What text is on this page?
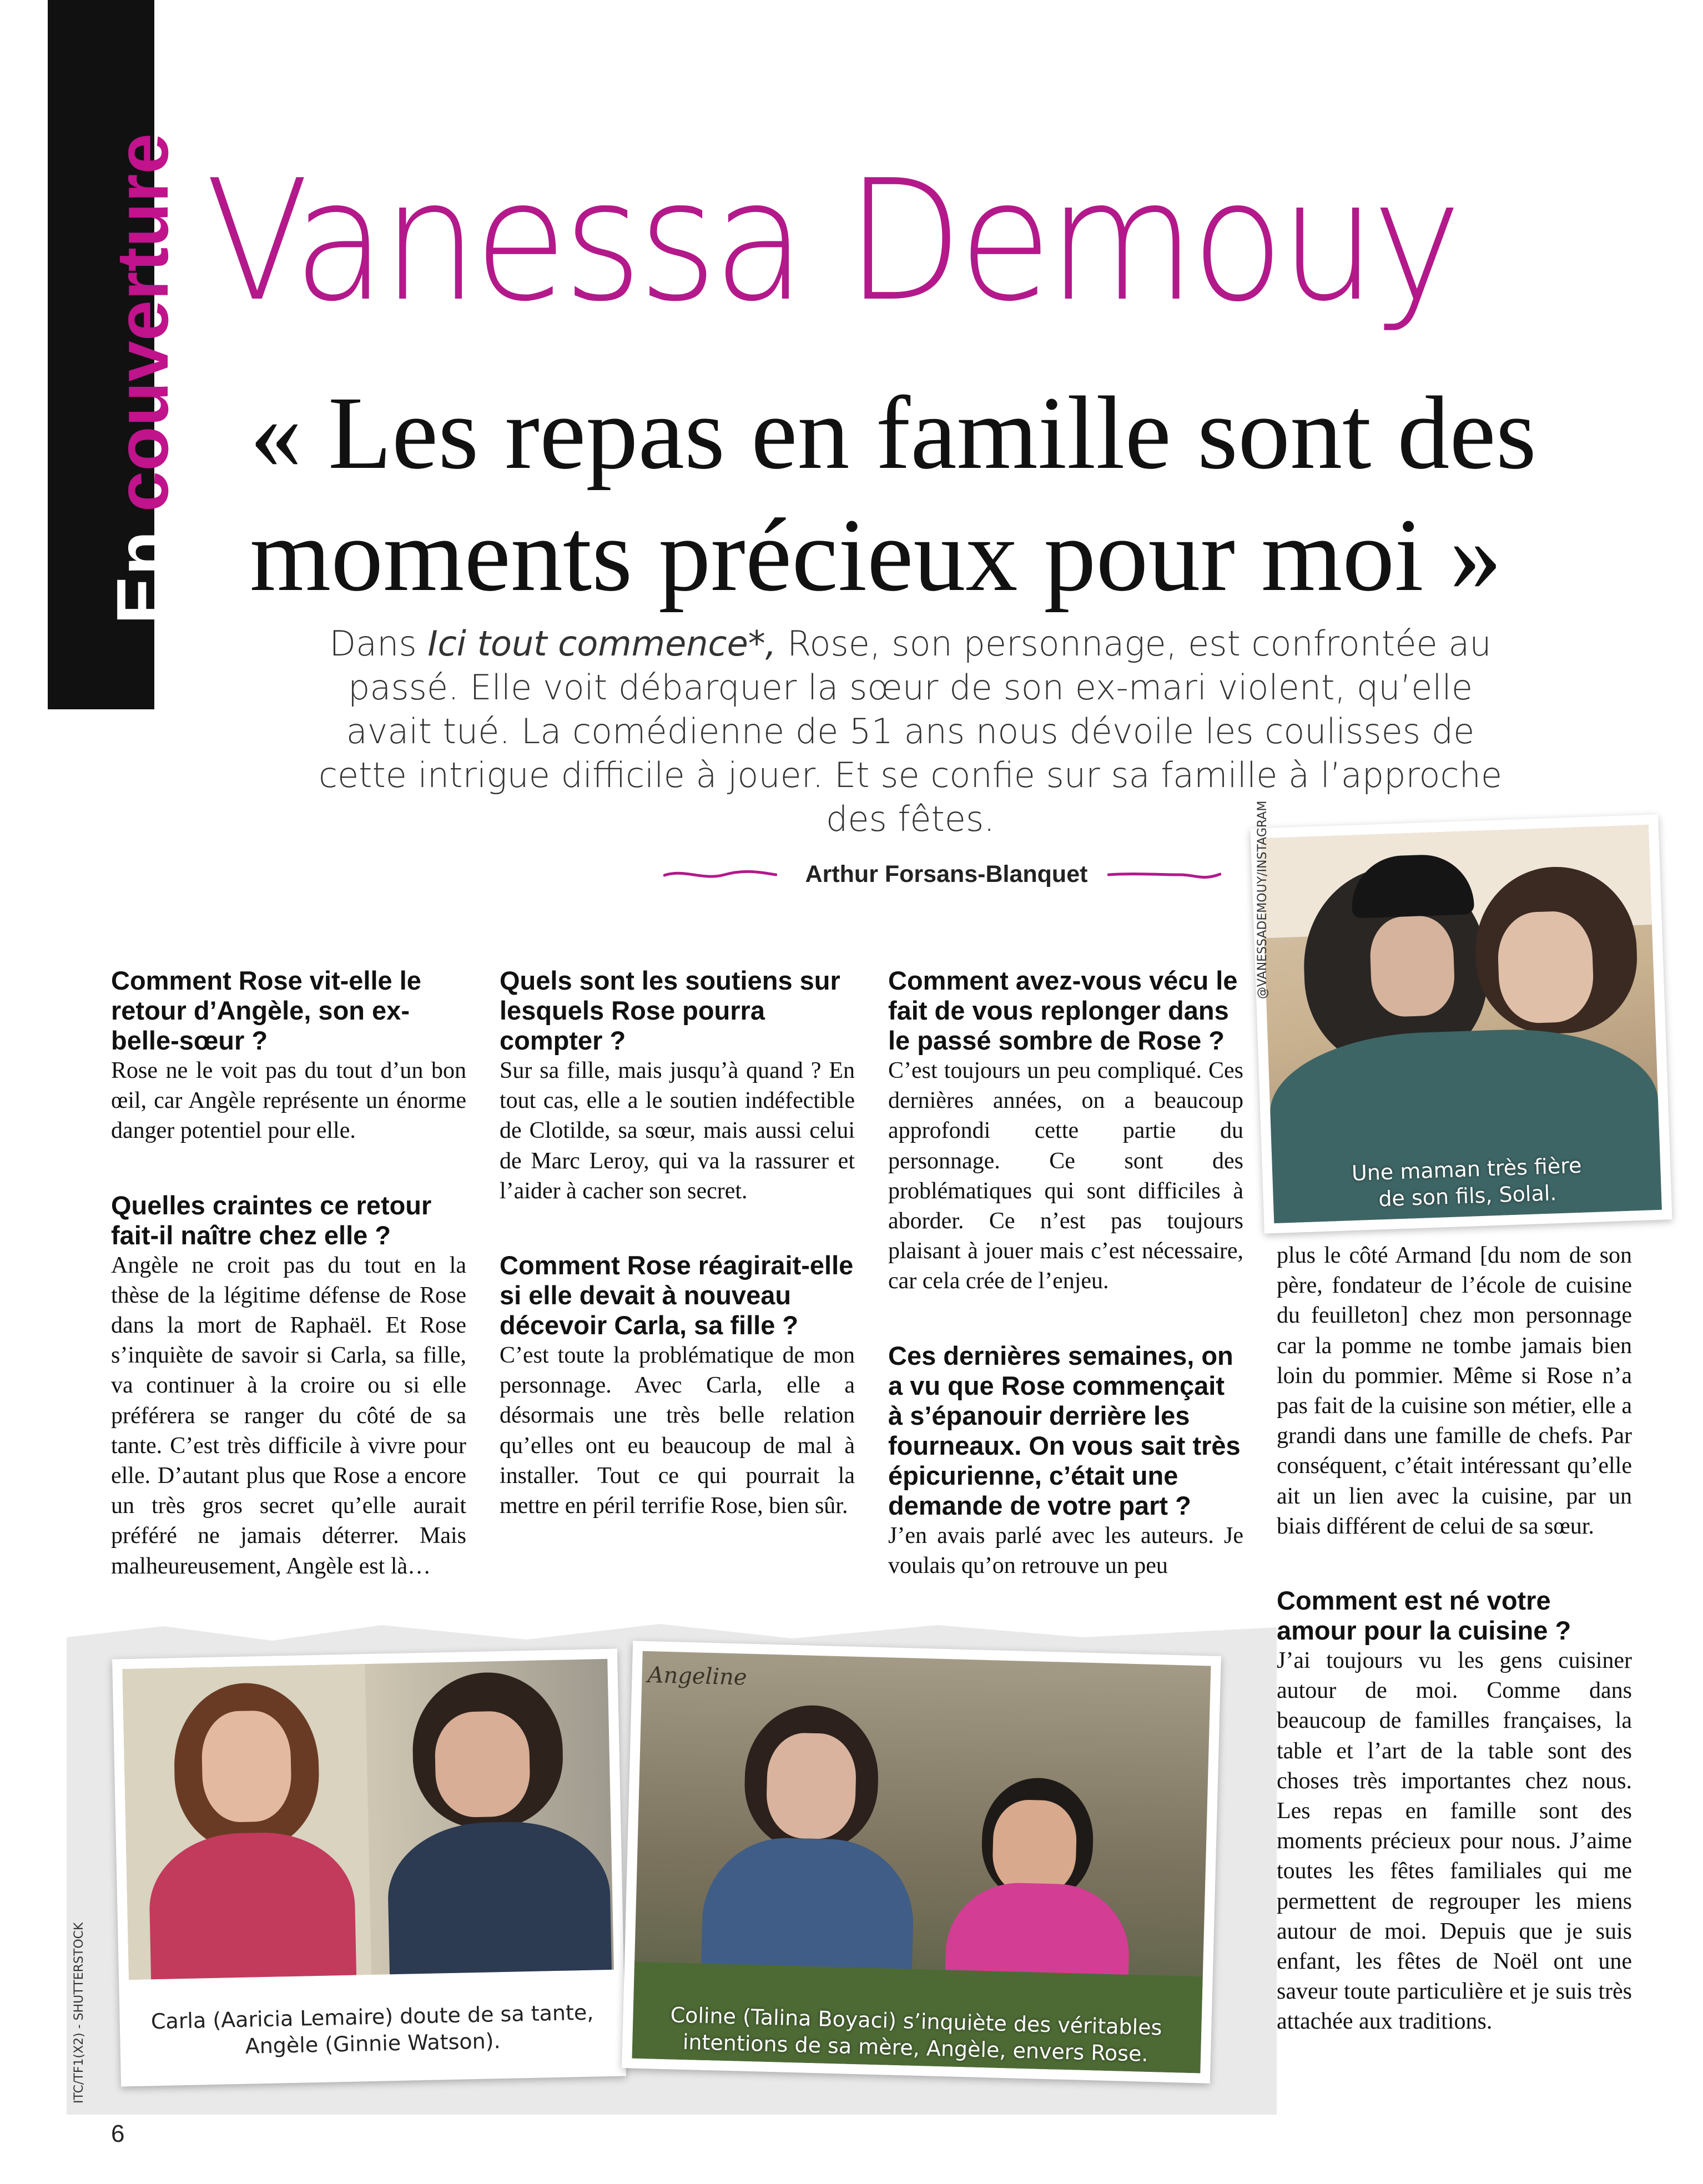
Encouverture Vanessa Demouy
« Les repas en famille sont des
moments précieux pour moi »
Dans Ici tout commence*, Rose, son personnage, est confrontée au passé. Elle voit débarquer la sœur de son ex-mari violent, qu’elle avait tué. La comédienne de 51 ans nous dévoile les coulisses de cette intrigue difficile à jouer. Et se confie sur sa famille à l’approche des fêtes.
Arthur Forsans-Blanquet
Comment Rose vit-elle le retour d’Angèle, son ex-belle-sœur ?

Rose ne le voit pas du tout d’un bon œil, car Angèle représente un énorme danger potentiel pour elle.

Quelles craintes ce retour fait-il naître chez elle ?

Angèle ne croit pas du tout en la thèse de la légitime défense de Rose dans la mort de Raphaël. Et Rose s’inquiète de savoir si Carla, sa fille, va continuer à la croire ou si elle préférera se ranger du côté de sa tante. C’est très difficile à vivre pour elle. D’autant plus que Rose a encore un très gros secret qu’elle aurait préféré ne jamais déterrer. Mais malheureusement, Angèle est là…

Quels sont les soutiens sur lesquels Rose pourra compter ?

Sur sa fille, mais jusqu’à quand ? En tout cas, elle a le soutien indéfectible de Clotilde, sa sœur, mais aussi celui de Marc Leroy, qui va la rassurer et l’aider à cacher son secret.

Comment Rose réagirait-elle si elle devait à nouveau décevoir Carla, sa fille ?

C’est toute la problématique de mon personnage. Avec Carla, elle a désormais une très belle relation qu’elles ont eu beaucoup de mal à installer. Tout ce qui pourrait la mettre en péril terrifie Rose, bien sûr.

Comment avez-vous vécu le fait de vous replonger dans le passé sombre de Rose ?

C’est toujours un peu compliqué. Ces dernières années, on a beaucoup approfondi cette partie du personnage. Ce sont des problématiques qui sont difficiles à aborder. Ce n’est pas toujours plaisant à jouer mais c’est nécessaire, car cela crée de l’enjeu.

Ces dernières semaines, on a vu que Rose commençait à s’épanouir derrière les fourneaux. On vous sait très épicurienne, c’était une demande de votre part ?

J’en avais parlé avec les auteurs. Je voulais qu’on retrouve un peu

plus le côté Armand [du nom de son père, fondateur de l’école de cuisine du feuilleton] chez mon personnage car la pomme ne tombe jamais bien loin du pommier. Même si Rose n’a pas fait de la cuisine son métier, elle a grandi dans une famille de chefs. Par conséquent, c’était intéressant qu’elle ait un lien avec la cuisine, par un biais différent de celui de sa sœur.

Comment est né votre amour pour la cuisine ?

J’ai toujours vu les gens cuisiner autour de moi. Comme dans beaucoup de familles françaises, la table et l’art de la table sont des choses très importantes chez nous. Les repas en famille sont des moments précieux pour nous. J’aime toutes les fêtes familiales qui me permettent de regrouper les miens autour de moi. Depuis que je suis enfant, les fêtes de Noël ont une saveur toute particulière et je suis très attachée aux traditions.

Une maman très fière
de son fils, Solal.
@VANESSADEMOUY/INSTAGRAM
Carla (Aaricia Lemaire) doute de sa tante,
Angèle (Ginnie Watson).
Angeline
Coline (Talina Boyaci) s’inquiète des véritables
intentions de sa mère, Angèle, envers Rose.
ITC/TF1(X2) - SHUTTERSTOCK
6
